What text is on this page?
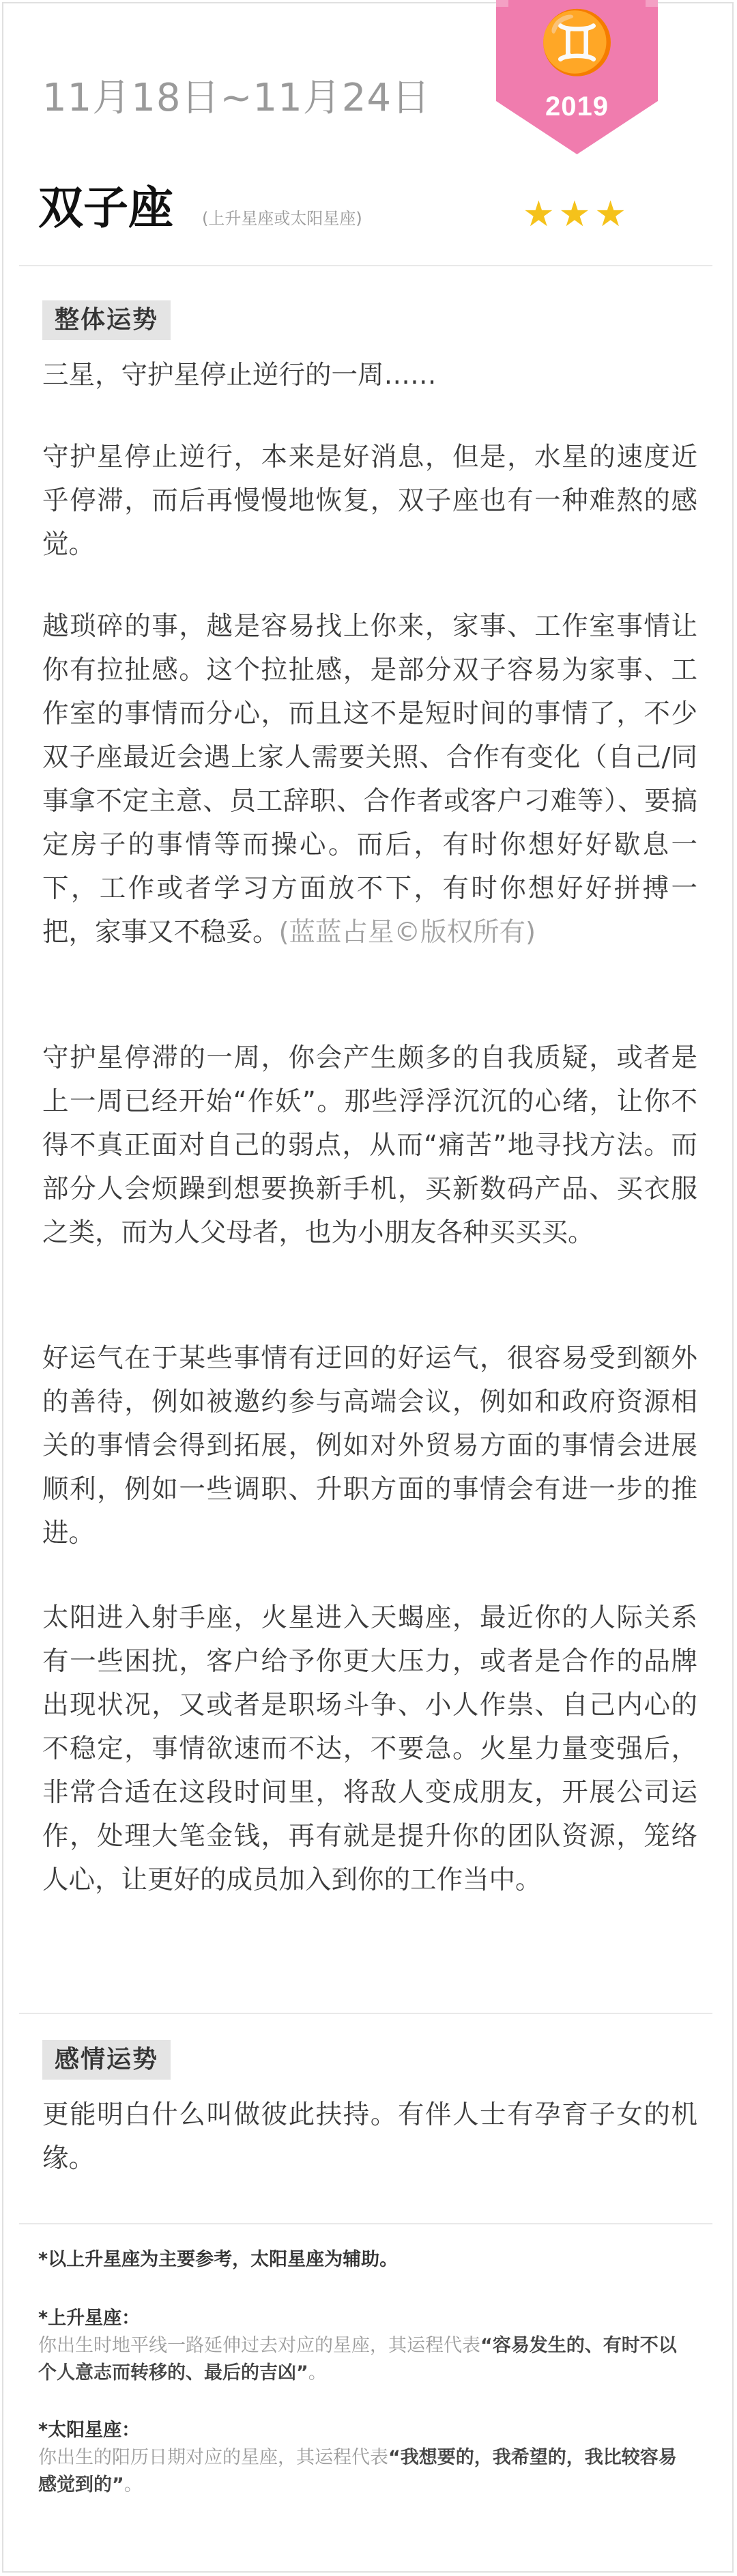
11月18日~11月24日
♊
2019
双子座 (上升星座或太阳星座)	★★★
整体运势

三星，守护星停止逆行的一周……

守护星停止逆行，本来是好消息，但是，水星的速度近乎停滞，而后再慢慢地恢复，双子座也有一种难熬的感觉。

越琐碎的事，越是容易找上你来，家事、工作室事情让你有拉扯感。这个拉扯感，是部分双子容易为家事、工作室的事情而分心，而且这不是短时间的事情了，不少双子座最近会遇上家人需要关照、合作有变化（自己/同事拿不定主意、员工辞职、合作者或客户刁难等）、要搞定房子的事情等而操心。而后，有时你想好好歇息一下，工作或者学习方面放不下，有时你想好好拼搏一把，家事又不稳妥。(蓝蓝占星©版权所有)

守护星停滞的一周，你会产生颇多的自我质疑，或者是上一周已经开始“作妖”。那些浮浮沉沉的心绪，让你不得不真正面对自己的弱点，从而“痛苦”地寻找方法。而部分人会烦躁到想要换新手机，买新数码产品、买衣服之类，而为人父母者，也为小朋友各种买买买。

好运气在于某些事情有迂回的好运气，很容易受到额外的善待，例如被邀约参与高端会议，例如和政府资源相关的事情会得到拓展，例如对外贸易方面的事情会进展顺利，例如一些调职、升职方面的事情会有进一步的推进。

太阳进入射手座，火星进入天蝎座，最近你的人际关系有一些困扰，客户给予你更大压力，或者是合作的品牌出现状况，又或者是职场斗争、小人作祟、自己内心的不稳定，事情欲速而不达，不要急。火星力量变强后，非常合适在这段时间里，将敌人变成朋友，开展公司运作，处理大笔金钱，再有就是提升你的团队资源，笼络人心，让更好的成员加入到你的工作当中。

感情运势

更能明白什么叫做彼此扶持。有伴人士有孕育子女的机缘。

*以上升星座为主要参考，太阳星座为辅助。
*上升星座：
你出生时地平线一路延伸过去对应的星座，其运程代表“容易发生的、有时不以个人意志而转移的、最后的吉凶”。
*太阳星座：
你出生的阳历日期对应的星座，其运程代表“我想要的，我希望的，我比较容易感觉到的”。
